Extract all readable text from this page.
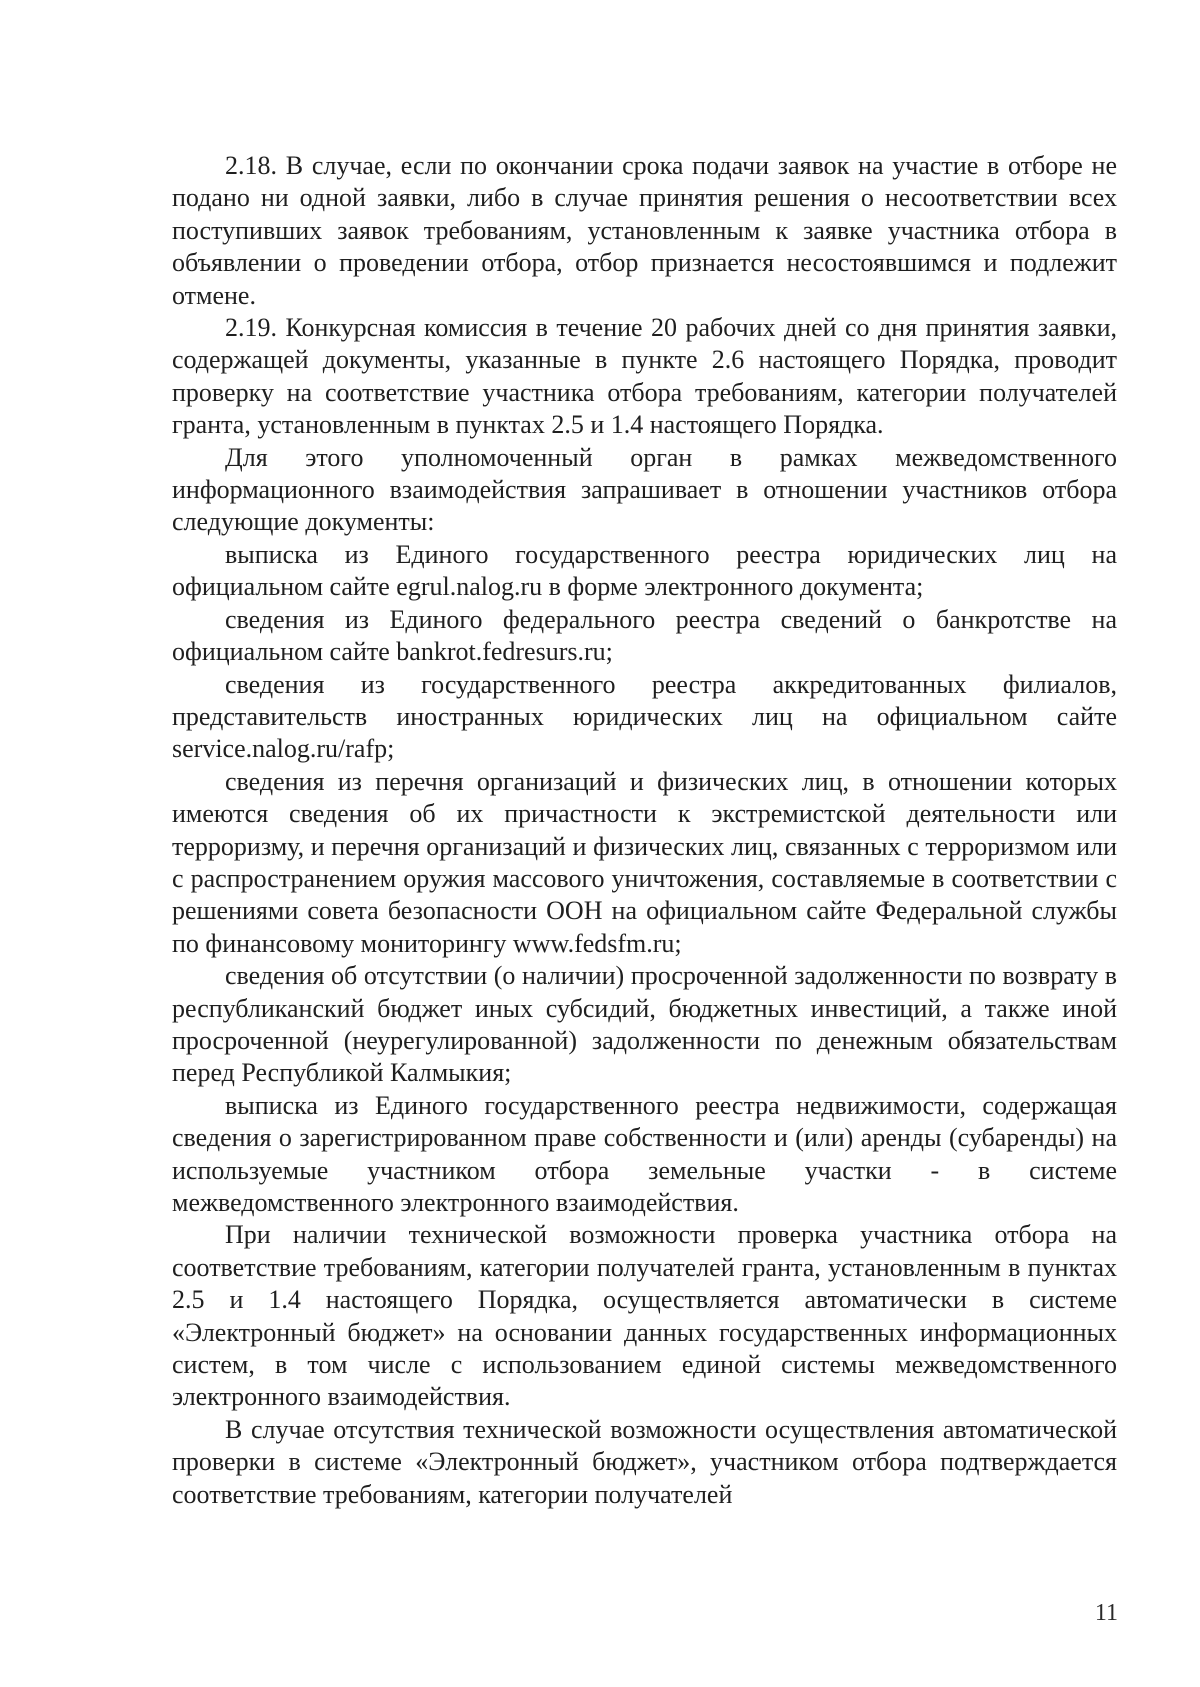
2.18. В случае, если по окончании срока подачи заявок на участие в отборе не подано ни одной заявки, либо в случае принятия решения о несоответствии всех поступивших заявок требованиям, установленным к заявке участника отбора в объявлении о проведении отбора, отбор признается несостоявшимся и подлежит отмене.

2.19. Конкурсная комиссия в течение 20 рабочих дней со дня принятия заявки, содержащей документы, указанные в пункте 2.6 настоящего Порядка, проводит проверку на соответствие участника отбора требованиям, категории получателей гранта, установленным в пунктах 2.5 и 1.4 настоящего Порядка.

Для этого уполномоченный орган в рамках межведомственного информационного взаимодействия запрашивает в отношении участников отбора следующие документы:

выписка из Единого государственного реестра юридических лиц на официальном сайте egrul.nalog.ru в форме электронного документа;

сведения из Единого федерального реестра сведений о банкротстве на официальном сайте bankrot.fedresurs.ru;

сведения из государственного реестра аккредитованных филиалов, представительств иностранных юридических лиц на официальном сайте service.nalog.ru/rafp;

сведения из перечня организаций и физических лиц, в отношении которых имеются сведения об их причастности к экстремистской деятельности или терроризму, и перечня организаций и физических лиц, связанных с терроризмом или с распространением оружия массового уничтожения, составляемые в соответствии с решениями совета безопасности ООН на официальном сайте Федеральной службы по финансовому мониторингу www.fedsfm.ru;

сведения об отсутствии (о наличии) просроченной задолженности по возврату в республиканский бюджет иных субсидий, бюджетных инвестиций, а также иной просроченной (неурегулированной) задолженности по денежным обязательствам перед Республикой Калмыкия;

выписка из Единого государственного реестра недвижимости, содержащая сведения о зарегистрированном праве собственности и (или) аренды (субаренды) на используемые участником отбора земельные участки - в системе межведомственного электронного взаимодействия.

При наличии технической возможности проверка участника отбора на соответствие требованиям, категории получателей гранта, установленным в пунктах 2.5 и 1.4 настоящего Порядка, осуществляется автоматически в системе «Электронный бюджет» на основании данных государственных информационных систем, в том числе с использованием единой системы межведомственного электронного взаимодействия.

В случае отсутствия технической возможности осуществления автоматической проверки в системе «Электронный бюджет», участником отбора подтверждается соответствие требованиям, категории получателей

11
